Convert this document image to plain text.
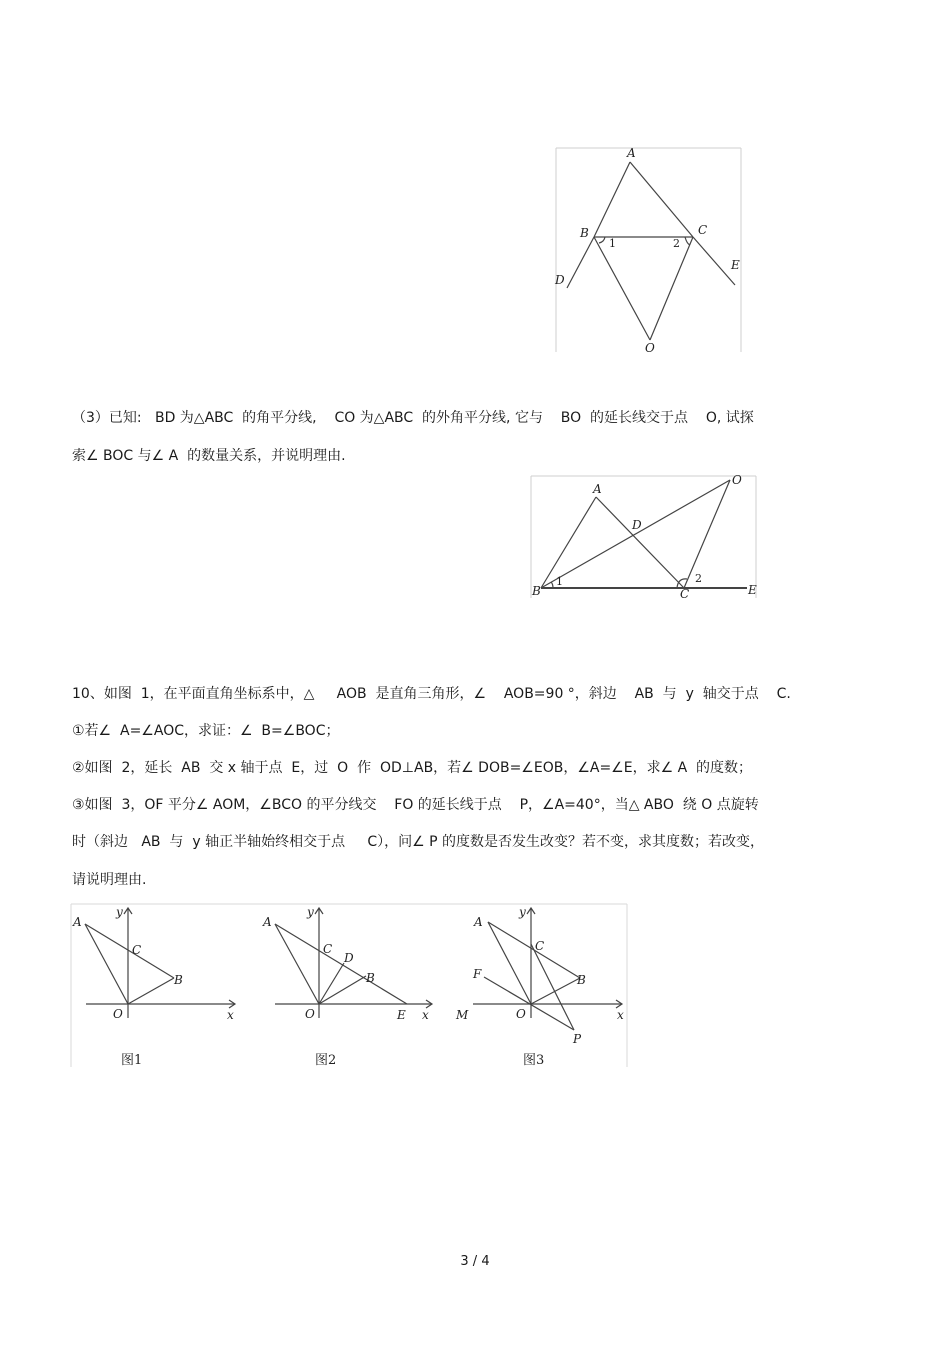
A
B	C
D
E
O
1	2
（3）已知:   BD 为△ABC  的角平分线,    CO 为△ABC  的外角平分线, 它与    BO  的延长线交于点    O, 试探
索∠ BOC 与∠ A  的数量关系，并说明理由.
A
B	C
D
E
O
1	2
10、如图  1，在平面直角坐标系中，△     AOB  是直角三角形，∠    AOB=90 °，斜边    AB  与  y  轴交于点    C.
①若∠  A=∠AOC，求证：∠  B=∠BOC；
②如图  2，延长  AB  交 x 轴于点  E，过  O  作  OD⊥AB，若∠ DOB=∠EOB，∠A=∠E，求∠ A  的度数；
③如图  3，OF 平分∠ AOM，∠BCO 的平分线交    FO 的延长线于点    P，∠A=40°，当△ ABO  绕 O 点旋转
时（斜边   AB  与  y 轴正半轴始终相交于点     C），问∠ P 的度数是否发生改变？若不变，求其度数；若改变，
请说明理由.
A
B
C
O	x
y
图1
A
B
C
D
E
O	x
y
图2
A
B
C
F
M	O
P
x
y
图3
3 / 4
